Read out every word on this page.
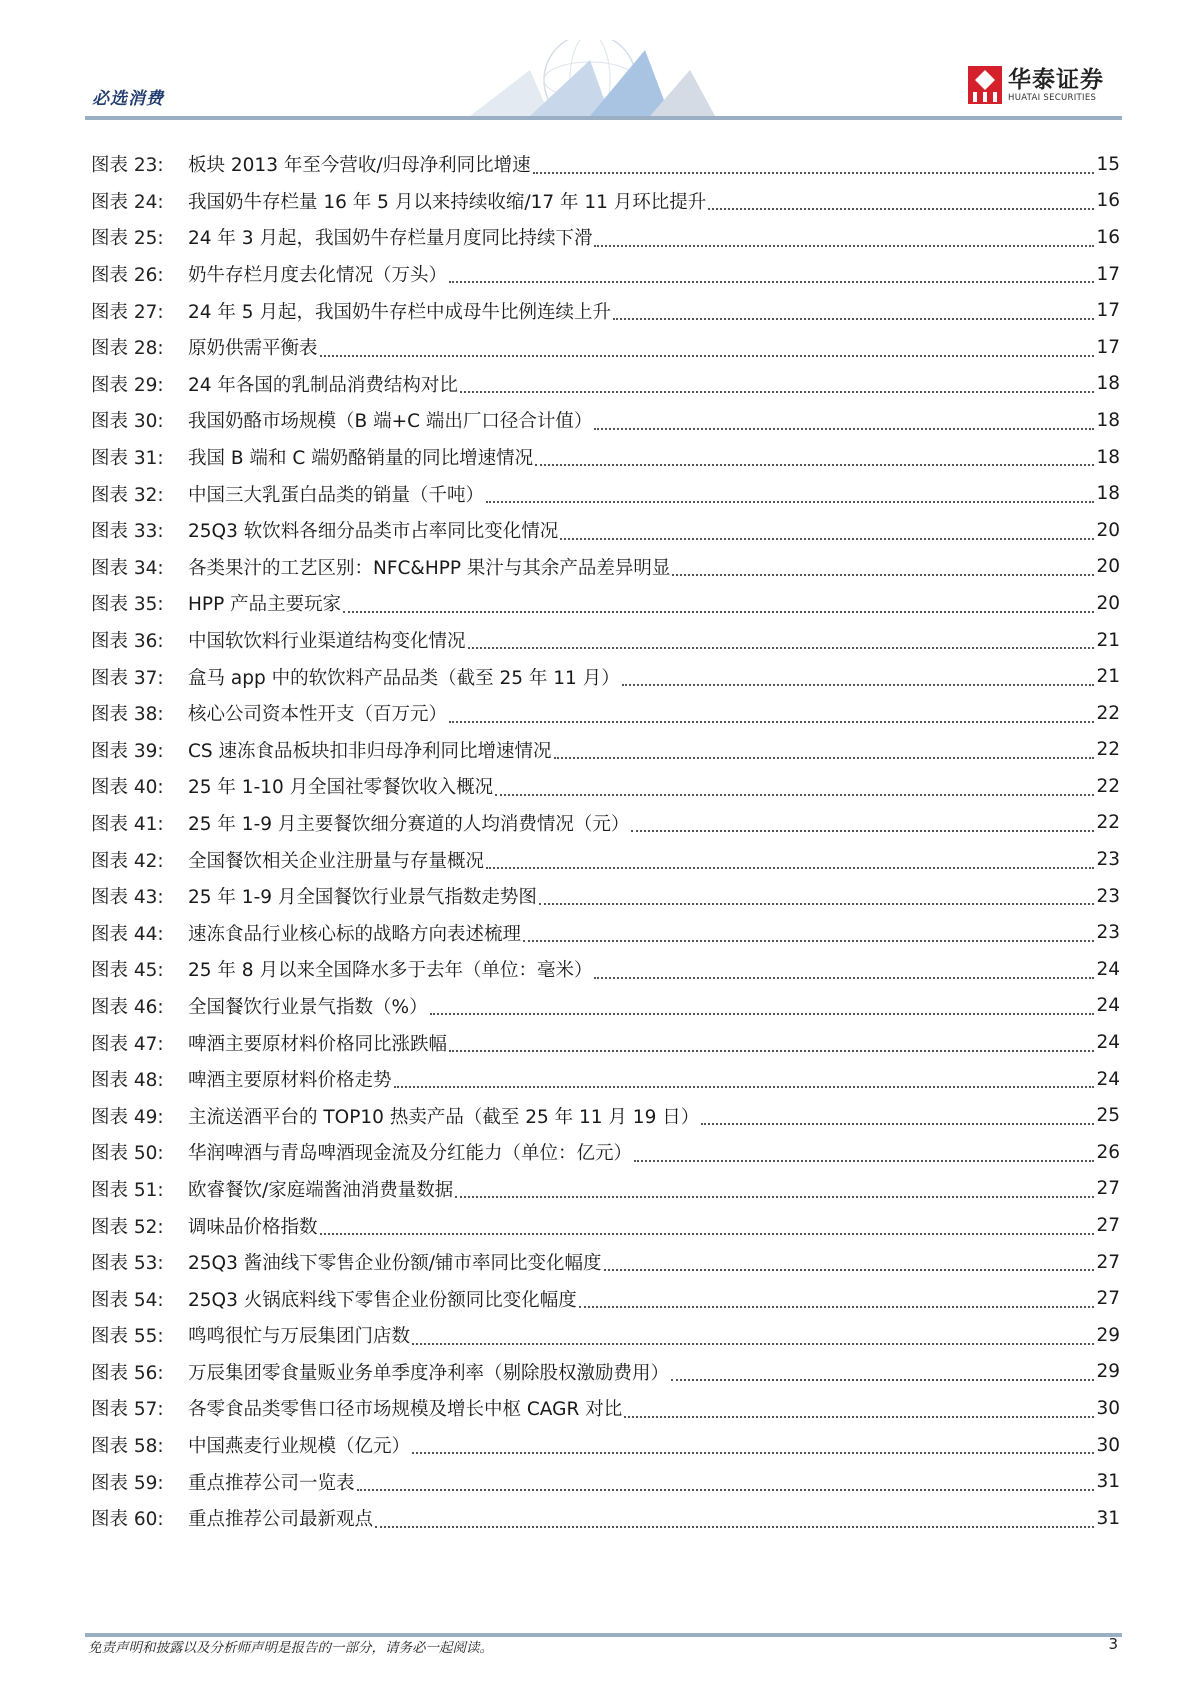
必选消费
华泰证券
HUATAI SECURITIES
图表 23:	板块 2013 年至今营收/归母净利同比增速	15
图表 24:	我国奶牛存栏量 16 年 5 月以来持续收缩/17 年 11 月环比提升	16
图表 25:	24 年 3 月起，我国奶牛存栏量月度同比持续下滑	16
图表 26:	奶牛存栏月度去化情况（万头）	17
图表 27:	24 年 5 月起，我国奶牛存栏中成母牛比例连续上升	17
图表 28:	原奶供需平衡表	17
图表 29:	24 年各国的乳制品消费结构对比	18
图表 30:	我国奶酪市场规模（B 端+C 端出厂口径合计值）	18
图表 31:	我国 B 端和 C 端奶酪销量的同比增速情况	18
图表 32:	中国三大乳蛋白品类的销量（千吨）	18
图表 33:	25Q3 软饮料各细分品类市占率同比变化情况	20
图表 34:	各类果汁的工艺区别：NFC&HPP 果汁与其余产品差异明显	20
图表 35:	HPP 产品主要玩家	20
图表 36:	中国软饮料行业渠道结构变化情况	21
图表 37:	盒马 app 中的软饮料产品品类（截至 25 年 11 月）	21
图表 38:	核心公司资本性开支（百万元）	22
图表 39:	CS 速冻食品板块扣非归母净利同比增速情况	22
图表 40:	25 年 1-10 月全国社零餐饮收入概况	22
图表 41:	25 年 1-9 月主要餐饮细分赛道的人均消费情况（元）	22
图表 42:	全国餐饮相关企业注册量与存量概况	23
图表 43:	25 年 1-9 月全国餐饮行业景气指数走势图	23
图表 44:	速冻食品行业核心标的战略方向表述梳理	23
图表 45:	25 年 8 月以来全国降水多于去年（单位：毫米）	24
图表 46:	全国餐饮行业景气指数（%）	24
图表 47:	啤酒主要原材料价格同比涨跌幅	24
图表 48:	啤酒主要原材料价格走势	24
图表 49:	主流送酒平台的 TOP10 热卖产品（截至 25 年 11 月 19 日）	25
图表 50:	华润啤酒与青岛啤酒现金流及分红能力（单位：亿元）	26
图表 51:	欧睿餐饮/家庭端酱油消费量数据	27
图表 52:	调味品价格指数	27
图表 53:	25Q3 酱油线下零售企业份额/铺市率同比变化幅度	27
图表 54:	25Q3 火锅底料线下零售企业份额同比变化幅度	27
图表 55:	鸣鸣很忙与万辰集团门店数	29
图表 56:	万辰集团零食量贩业务单季度净利率（剔除股权激励费用）	29
图表 57:	各零食品类零售口径市场规模及增长中枢 CAGR 对比	30
图表 58:	中国燕麦行业规模（亿元）	30
图表 59:	重点推荐公司一览表	31
图表 60:	重点推荐公司最新观点	31
免责声明和披露以及分析师声明是报告的一部分，请务必一起阅读。	3
